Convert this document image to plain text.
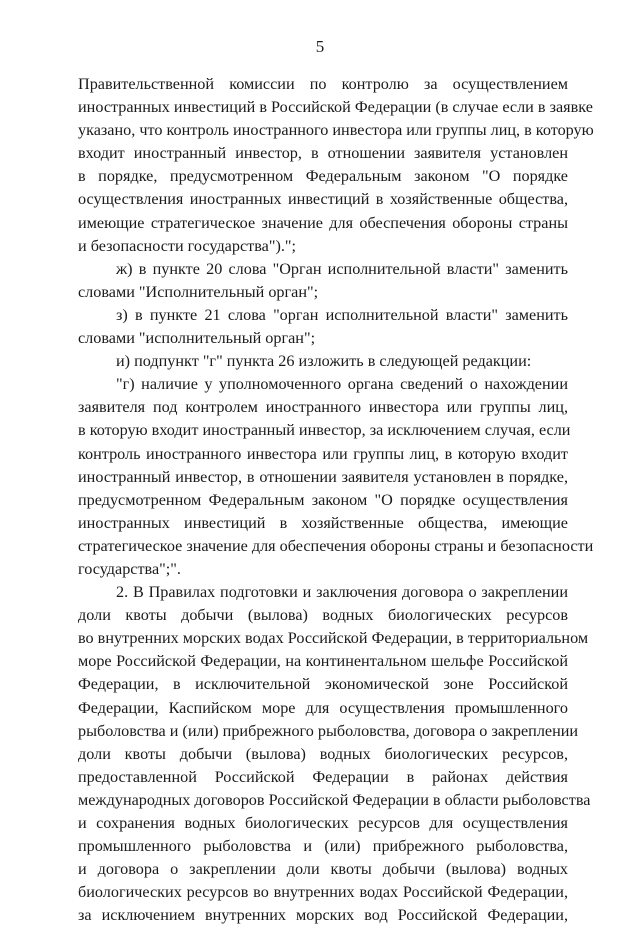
5
Правительственной комиссии по контролю за осуществлением
иностранных инвестиций в Российской Федерации (в случае если в заявке
указано, что контроль иностранного инвестора или группы лиц, в которую
входит иностранный инвестор, в отношении заявителя установлен
в порядке, предусмотренном Федеральным законом "О порядке
осуществления иностранных инвестиций в хозяйственные общества,
имеющие стратегическое значение для обеспечения обороны страны
и безопасности государства").";
ж) в пункте 20 слова "Орган исполнительной власти" заменить
словами "Исполнительный орган";
з) в пункте 21 слова "орган исполнительной власти" заменить
словами "исполнительный орган";
и) подпункт "г" пункта 26 изложить в следующей редакции:
"г) наличие у уполномоченного органа сведений о нахождении
заявителя под контролем иностранного инвестора или группы лиц,
в которую входит иностранный инвестор, за исключением случая, если
контроль иностранного инвестора или группы лиц, в которую входит
иностранный инвестор, в отношении заявителя установлен в порядке,
предусмотренном Федеральным законом "О порядке осуществления
иностранных инвестиций в хозяйственные общества, имеющие
стратегическое значение для обеспечения обороны страны и безопасности
государства";".
2. В Правилах подготовки и заключения договора о закреплении
доли квоты добычи (вылова) водных биологических ресурсов
во внутренних морских водах Российской Федерации, в территориальном
море Российской Федерации, на континентальном шельфе Российской
Федерации, в исключительной экономической зоне Российской
Федерации, Каспийском море для осуществления промышленного
рыболовства и (или) прибрежного рыболовства, договора о закреплении
доли квоты добычи (вылова) водных биологических ресурсов,
предоставленной Российской Федерации в районах действия
международных договоров Российской Федерации в области рыболовства
и сохранения водных биологических ресурсов для осуществления
промышленного рыболовства и (или) прибрежного рыболовства,
и договора о закреплении доли квоты добычи (вылова) водных
биологических ресурсов во внутренних водах Российской Федерации,
за исключением внутренних морских вод Российской Федерации,
